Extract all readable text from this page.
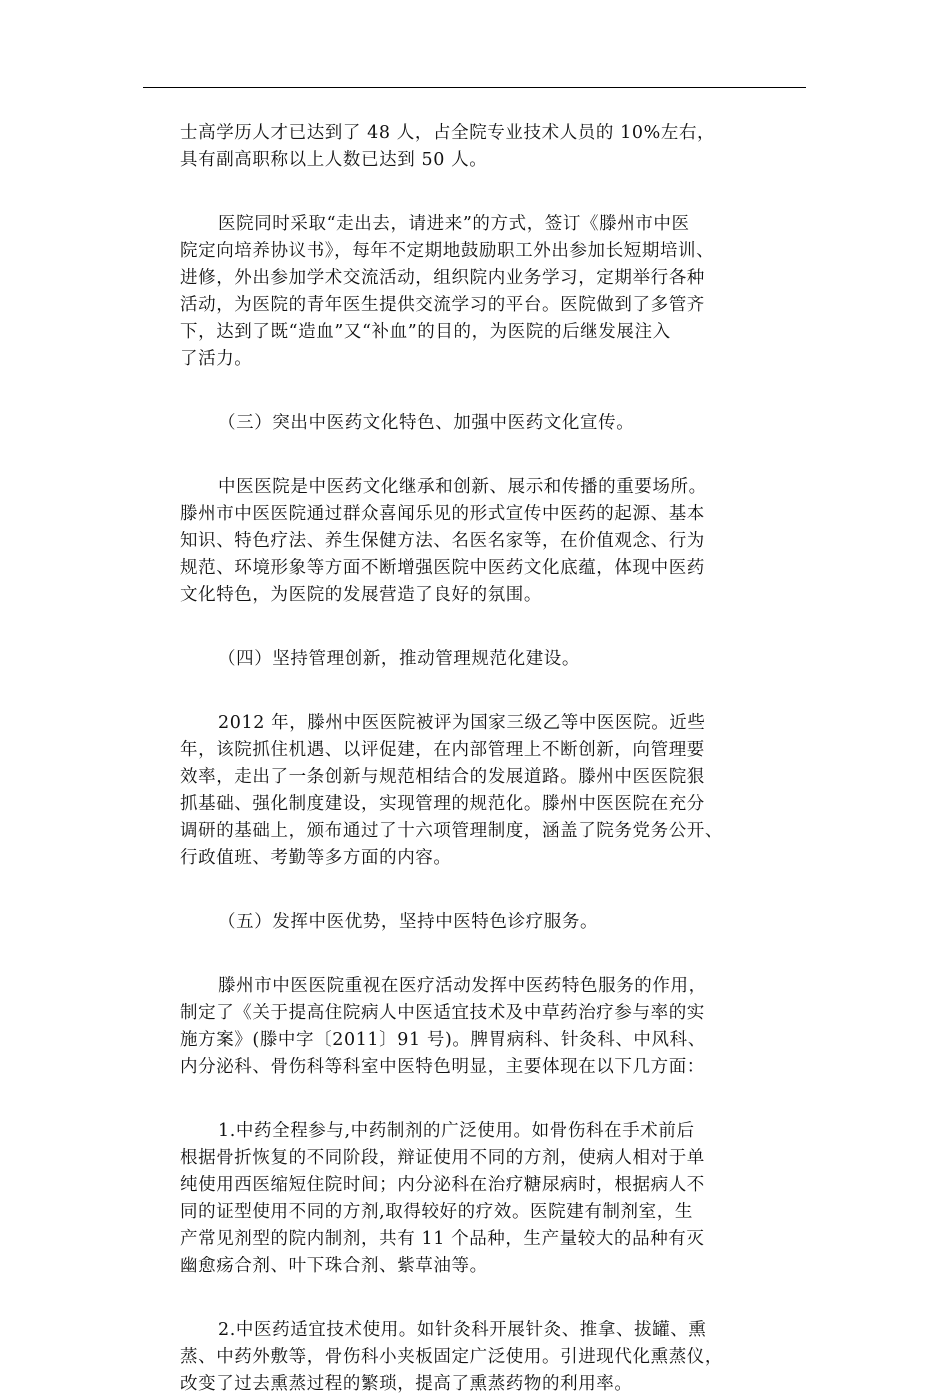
士高学历人才已达到了 48 人，占全院专业技术人员的 10%左右，
具有副高职称以上人数已达到 50 人。

医院同时采取“走出去，请进来”的方式，签订《滕州市中医
院定向培养协议书》，每年不定期地鼓励职工外出参加长短期培训、
进修，外出参加学术交流活动，组织院内业务学习，定期举行各种
活动，为医院的青年医生提供交流学习的平台。医院做到了多管齐
下，达到了既“造血”又“补血”的目的，为医院的后继发展注入
了活力。

（三）突出中医药文化特色、加强中医药文化宣传。

中医医院是中医药文化继承和创新、展示和传播的重要场所。
滕州市中医医院通过群众喜闻乐见的形式宣传中医药的起源、基本
知识、特色疗法、养生保健方法、名医名家等，在价值观念、行为
规范、环境形象等方面不断增强医院中医药文化底蕴，体现中医药
文化特色，为医院的发展营造了良好的氛围。

（四）坚持管理创新，推动管理规范化建设。

2012 年，滕州中医医院被评为国家三级乙等中医医院。近些
年，该院抓住机遇、以评促建，在内部管理上不断创新，向管理要
效率，走出了一条创新与规范相结合的发展道路。滕州中医医院狠
抓基础、强化制度建设，实现管理的规范化。滕州中医医院在充分
调研的基础上，颁布通过了十六项管理制度，涵盖了院务党务公开、
行政值班、考勤等多方面的内容。

（五）发挥中医优势，坚持中医特色诊疗服务。

滕州市中医医院重视在医疗活动发挥中医药特色服务的作用，
制定了《关于提高住院病人中医适宜技术及中草药治疗参与率的实
施方案》(滕中字〔2011〕91 号)。脾胃病科、针灸科、中风科、
内分泌科、骨伤科等科室中医特色明显，主要体现在以下几方面：

1.中药全程参与,中药制剂的广泛使用。如骨伤科在手术前后
根据骨折恢复的不同阶段，辩证使用不同的方剂，使病人相对于单
纯使用西医缩短住院时间；内分泌科在治疗糖尿病时，根据病人不
同的证型使用不同的方剂,取得较好的疗效。医院建有制剂室，生
产常见剂型的院内制剂，共有 11 个品种，生产量较大的品种有灭
幽愈疡合剂、叶下珠合剂、紫草油等。

2.中医药适宜技术使用。如针灸科开展针灸、推拿、拔罐、熏
蒸、中药外敷等，骨伤科小夹板固定广泛使用。引进现代化熏蒸仪，
改变了过去熏蒸过程的繁琐，提高了熏蒸药物的利用率。
